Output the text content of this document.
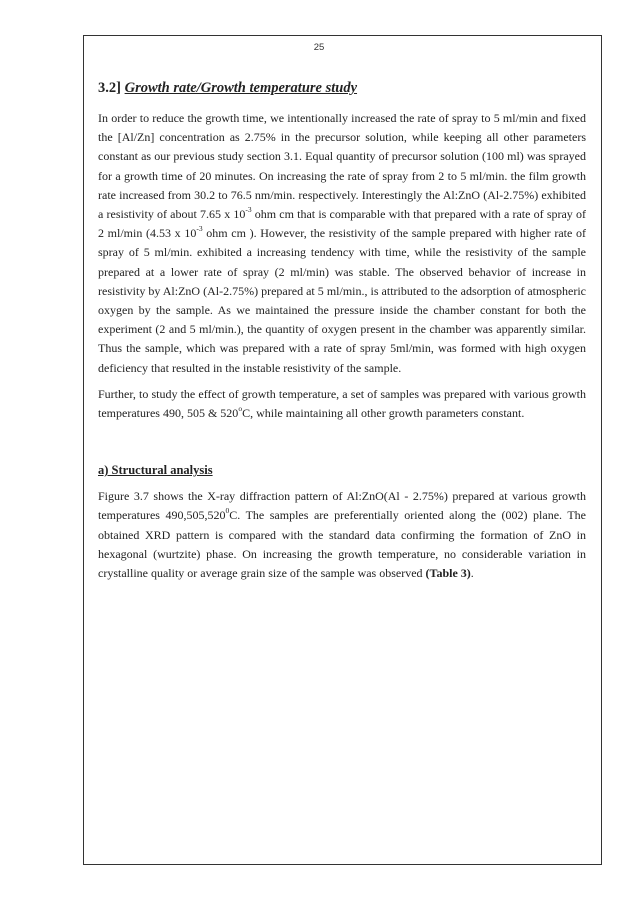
25
3.2] Growth rate/Growth temperature study

In order to reduce the growth time, we intentionally increased the rate of spray to 5 ml/min and fixed the [Al/Zn] concentration as 2.75% in the precursor solution, while keeping all other parameters constant as our previous study section 3.1. Equal quantity of precursor solution (100 ml) was sprayed for a growth time of 20 minutes. On increasing the rate of spray from 2 to 5 ml/min. the film growth rate increased from 30.2 to 76.5 nm/min. respectively. Interestingly the Al:ZnO (Al-2.75%) exhibited a resistivity of about 7.65 x $10^{-3}$ ohm cm that is comparable with that prepared with a rate of spray of 2 ml/min (4.53 x $10^{-3}$ ohm cm ). However, the resistivity of the sample prepared with higher rate of spray of 5 ml/min. exhibited a increasing tendency with time, while the resistivity of the sample prepared at a lower rate of spray (2 ml/min) was stable. The observed behavior of increase in resistivity by Al:ZnO (Al-2.75%) prepared at 5 ml/min., is attributed to the adsorption of atmospheric oxygen by the sample. As we maintained the pressure inside the chamber constant for both the experiment (2 and 5 ml/min.), the quantity of oxygen present in the chamber was apparently similar. Thus the sample, which was prepared with a rate of spray 5ml/min, was formed with high oxygen deficiency that resulted in the instable resistivity of the sample.

Further, to study the effect of growth temperature, a set of samples was prepared with various growth temperatures 490, 505 & 520$^o$C, while maintaining all other growth parameters constant.

a) Structural analysis

Figure 3.7 shows the X-ray diffraction pattern of Al:ZnO(Al - 2.75%) prepared at various growth temperatures 490,505,520$^0$C. The samples are preferentially oriented along the (002) plane. The obtained XRD pattern is compared with the standard data confirming the formation of ZnO in hexagonal (wurtzite) phase. On increasing the growth temperature, no considerable variation in crystalline quality or average grain size of the sample was observed (Table 3).
